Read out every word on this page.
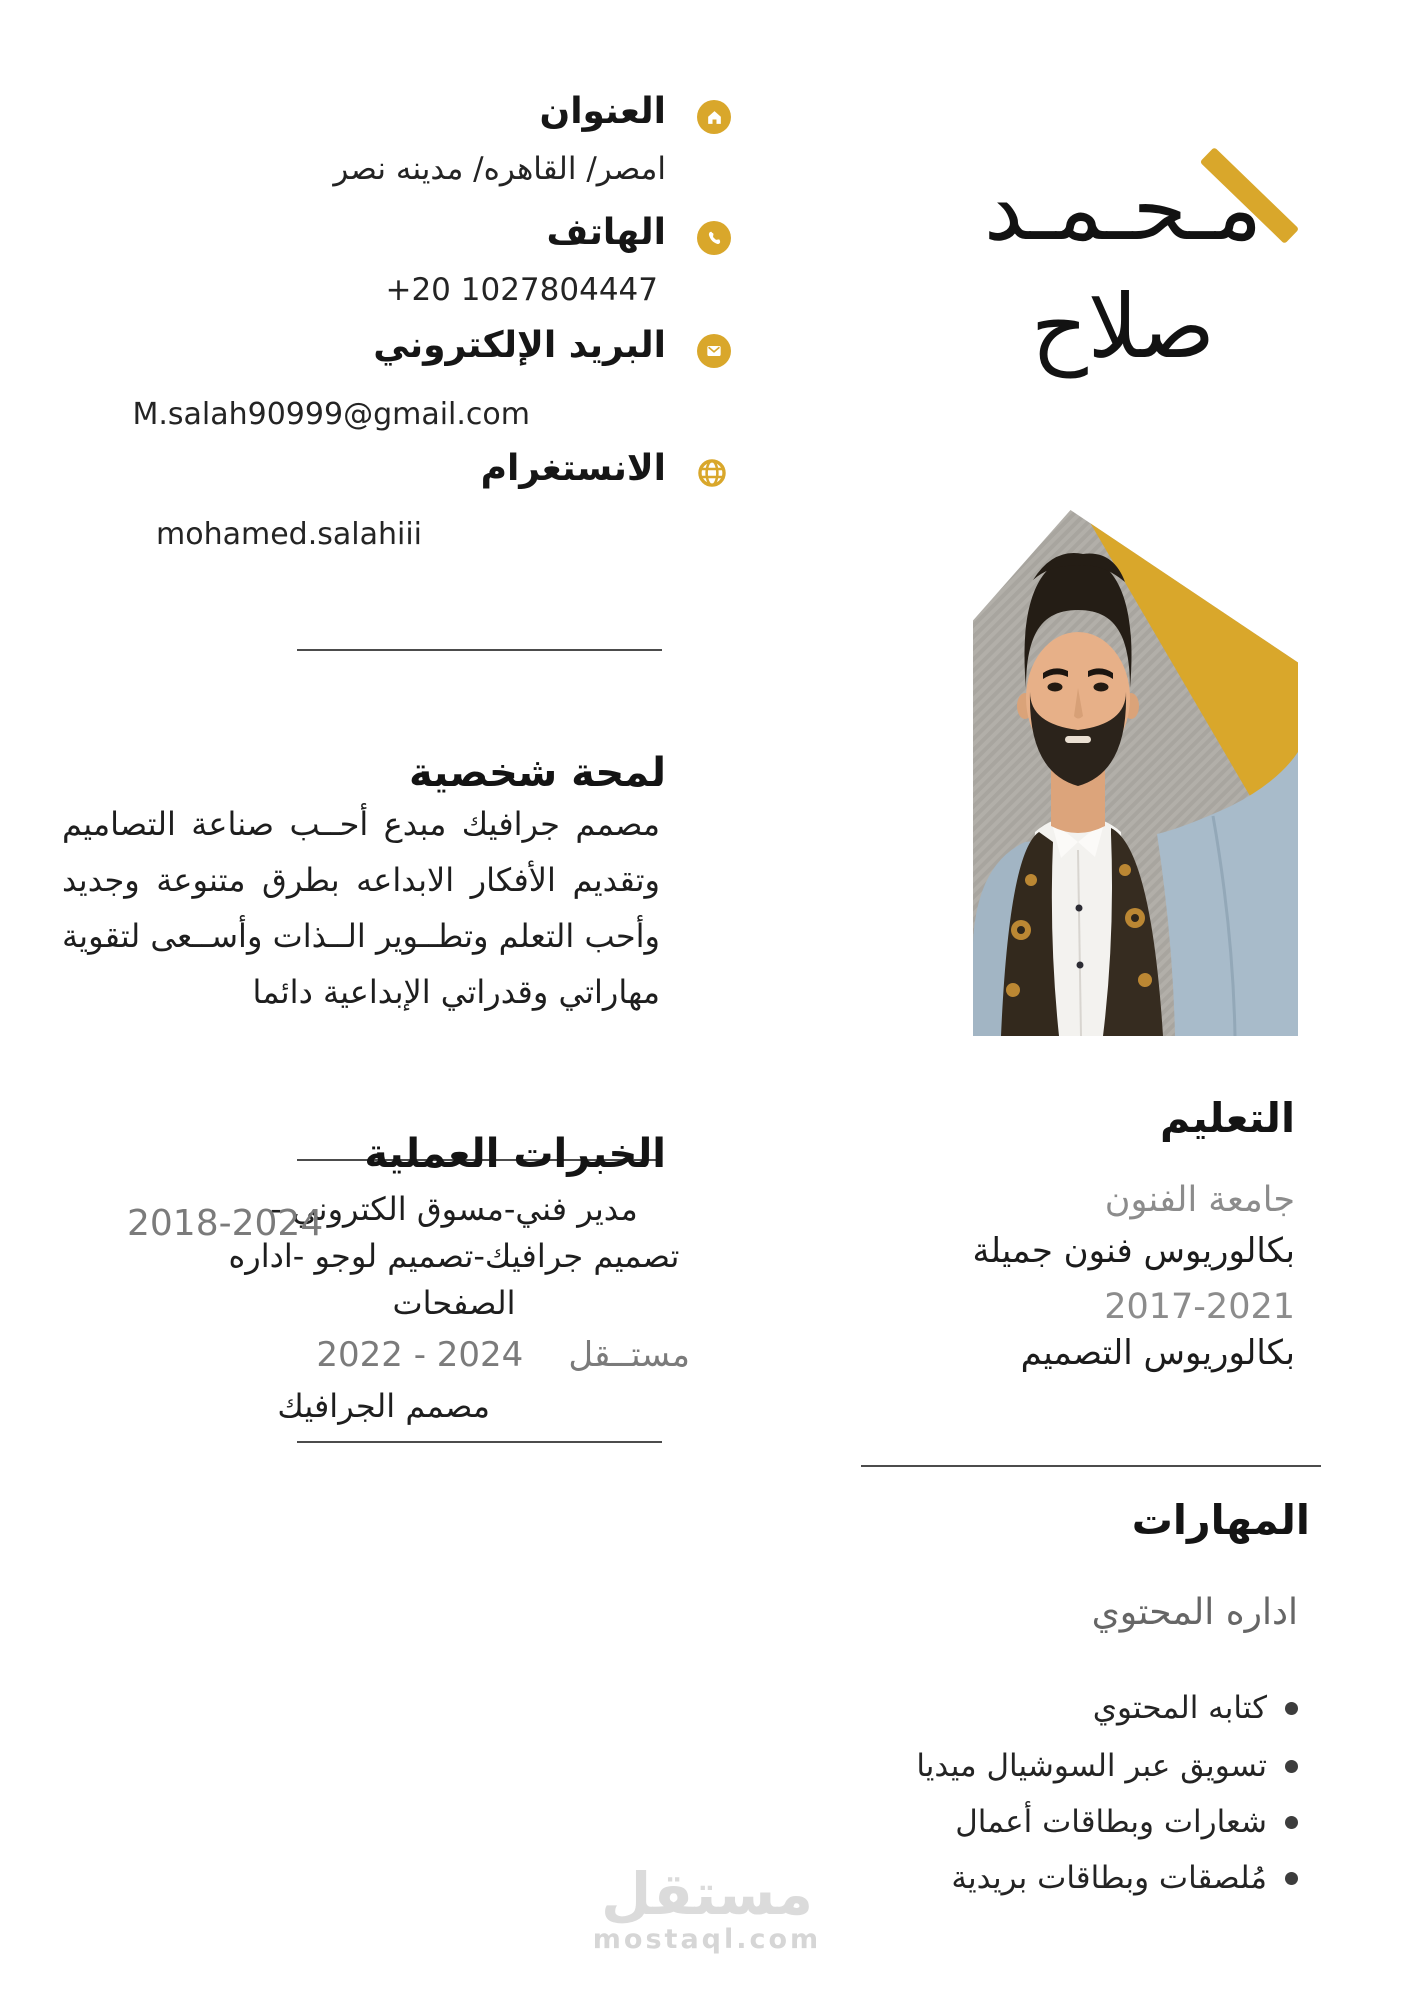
العنوان
امصر/ القاهره/ مدينه نصر
الهاتف
+20 1027804447
البريد الإلكتروني
M.salah90999@gmail.com
الانستغرام
mohamed.salahiii
مـحـمـد
صلاح
لمحة شخصية
مصمم جرافيك مبدع أحــب صناعة التصاميم وتقديم الأفكار الابداعه بطرق متنوعة وجديد وأحب التعلم وتطــوير الــذات وأســعى لتقوية مهاراتي وقدراتي الإبداعية دائما
الخبرات العملية
مدير فني-مسوق الكتروني - تصميم جرافيك-تصميم لوجو -اداره الصفحات
2018-2024
مستــقل
2022 - 2024
مصمم الجرافيك
التعليم
جامعة الفنون
بكالوريوس فنون جميلة
2017-2021
بكالوريوس التصميم
المهارات
اداره المحتوي
كتابه المحتوي
تسويق عبر السوشيال ميديا
شعارات وبطاقات أعمال
مُلصقات وبطاقات بريدية
مستقل
mostaql.com
